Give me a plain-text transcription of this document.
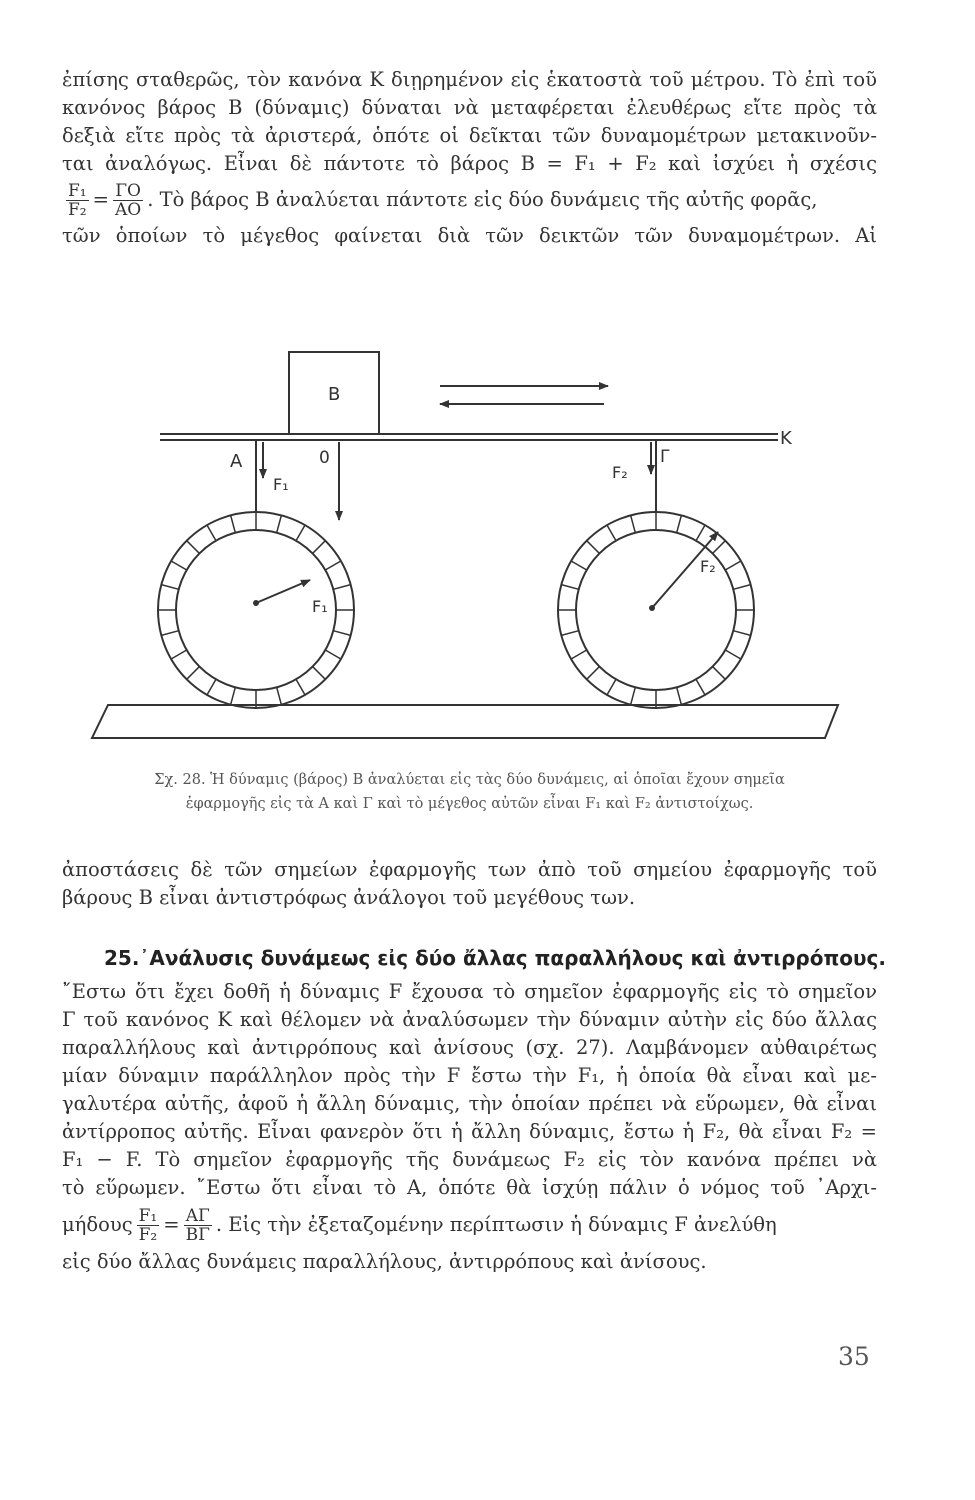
ἐπίσης σταθερῶς, τὸν κανόνα Κ διῃρημένον εἰς ἑκατοστὰ τοῦ μέτρου. Τὸ ἐπὶ τοῦ
κανόνος βάρος Β (δύναμις) δύναται νὰ μεταφέρεται ἐλευθέρως εἴτε πρὸς τὰ
δεξιὰ εἴτε πρὸς τὰ ἀριστερά, ὁπότε οἱ δεῖκται τῶν δυναμομέτρων μετακινοῦν-
ται ἀναλόγως. Εἶναι δὲ πάντοτε τὸ βάρος Β = F₁ + F₂ καὶ ἰσχύει ἡ σχέσις
$\frac{\text{F₁}}{\text{F₂}} = \frac{\Gamma O}{AO}$ . Τὸ βάρος Β ἀναλύεται πάντοτε εἰς δύο δυνάμεις τῆς αὐτῆς φορᾶς,
τῶν ὁποίων τὸ μέγεθος φαίνεται διὰ τῶν δεικτῶν τῶν δυναμομέτρων. Αἱ
Β
Κ
Α	0	Γ
F₁
F₂
F₁
F₂
Σχ. 28. Ἡ δύναμις (βάρος) Β ἀναλύεται εἰς τὰς δύο δυνάμεις, αἱ ὁποῖαι ἔχουν σημεῖα
ἐφαρμογῆς εἰς τὰ Α καὶ Γ καὶ τὸ μέγεθος αὐτῶν εἶναι F₁ καὶ F₂ ἀντιστοίχως.
ἀποστάσεις δὲ τῶν σημείων ἐφαρμογῆς των ἀπὸ τοῦ σημείου ἐφαρμογῆς τοῦ
βάρους Β εἶναι ἀντιστρόφως ἀνάλογοι τοῦ μεγέθους των.
25.᾽Ανάλυσις δυνάμεως εἰς δύο ἄλλας παραλλήλους καὶ ἀντιρρόπους.
῎Εστω ὅτι ἔχει δοθῆ ἡ δύναμις F ἔχουσα τὸ σημεῖον ἐφαρμογῆς εἰς τὸ σημεῖον
Γ τοῦ κανόνος Κ καὶ θέλομεν νὰ ἀναλύσωμεν τὴν δύναμιν αὐτὴν εἰς δύο ἄλλας
παραλλήλους καὶ ἀντιρρόπους καὶ ἀνίσους (σχ. 27). Λαμβάνομεν αὐθαιρέτως
μίαν δύναμιν παράλληλον πρὸς τὴν F ἔστω τὴν F₁, ἡ ὁποία θὰ εἶναι καὶ με-
γαλυτέρα αὐτῆς, ἀφοῦ ἡ ἄλλη δύναμις, τὴν ὁποίαν πρέπει νὰ εὕρωμεν, θὰ εἶναι
ἀντίρροπος αὐτῆς. Εἶναι φανερὸν ὅτι ἡ ἄλλη δύναμις, ἔστω ἡ F₂, θὰ εἶναι F₂ =
F₁ − F. Τὸ σημεῖον ἐφαρμογῆς τῆς δυνάμεως F₂ εἰς τὸν κανόνα πρέπει νὰ
τὸ εὕρωμεν. ῎Εστω ὅτι εἶναι τὸ Α, ὁπότε θὰ ἰσχύῃ πάλιν ὁ νόμος τοῦ ᾽Αρχι-
μήδους $\frac{\text{F₁}}{\text{F₂}} = \frac{A\Gamma}{B\Gamma}$ . Εἰς τὴν ἐξεταζομένην περίπτωσιν ἡ δύναμις F ἀνελύθη
εἰς δύο ἄλλας δυνάμεις παραλλήλους, ἀντιρρόπους καὶ ἀνίσους.
35
